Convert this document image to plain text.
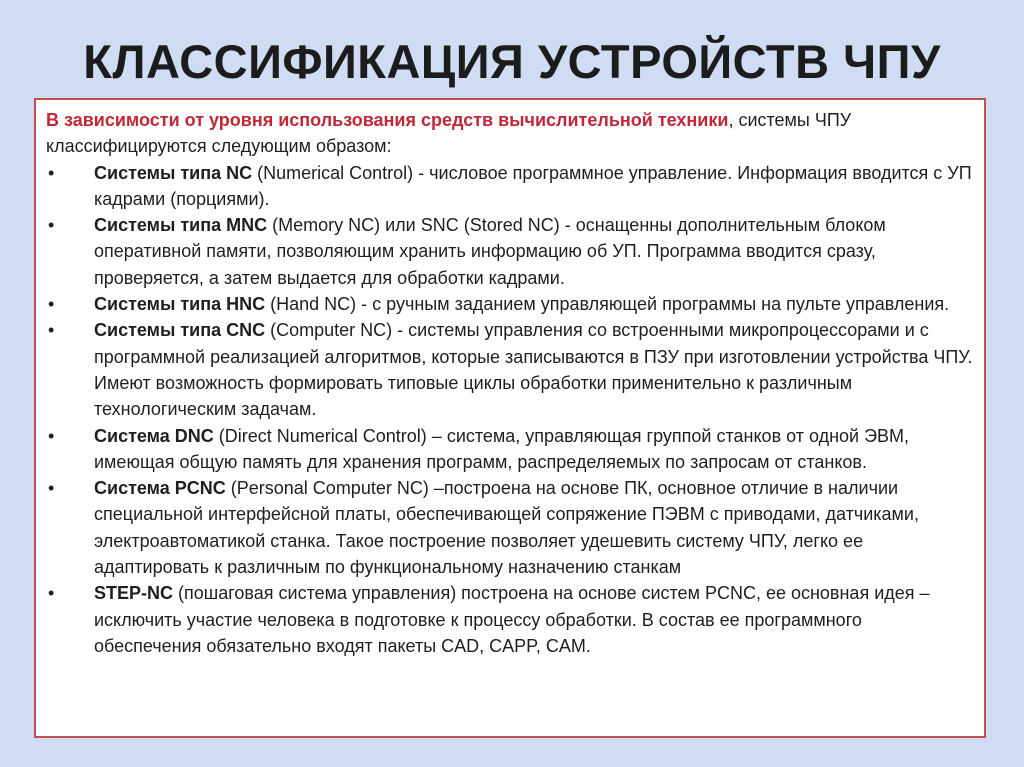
КЛАССИФИКАЦИЯ УСТРОЙСТВ ЧПУ

В зависимости от уровня использования средств вычислительной техники, системы ЧПУ классифицируются следующим образом:

• Системы типа NC (Numerical Control) - числовое программное управление. Информация вводится с УП кадрами (порциями).
• Системы типа MNC (Memory NC) или SNC (Stored NC) - оснащенны дополнительным блоком оперативной памяти, позволяющим хранить информацию об УП. Программа вводится сразу, проверяется, а затем выдается для обработки кадрами.
• Системы типа HNC (Hand NC) - с ручным заданием управляющей программы на пульте управления.
• Системы типа CNC (Computer NC) - системы управления со встроенными микропроцессорами и с программной реализацией алгоритмов, которые записываются в ПЗУ при изготовлении устройства ЧПУ. Имеют возможность формировать типовые циклы обработки применительно к различным технологическим задачам.
• Система DNC (Direct Numerical Control) – система, управляющая группой станков от одной ЭВМ, имеющая общую память для хранения программ, распределяемых по запросам от станков.
• Система PCNC (Personal Computer NC) –построена на основе ПК, основное отличие в наличии специальной интерфейсной платы, обеспечивающей сопряжение ПЭВМ с приводами, датчиками, электроавтоматикой станка. Такое построение позволяет удешевить систему ЧПУ, легко ее адаптировать к различным по функциональному назначению станкам
• STEP-NC (пошаговая система управления) построена на основе систем PCNC, ее основная идея – исключить участие человека в подготовке к процессу обработки. В состав ее программного обеспечения обязательно входят пакеты CAD, CAPP, CAM.
